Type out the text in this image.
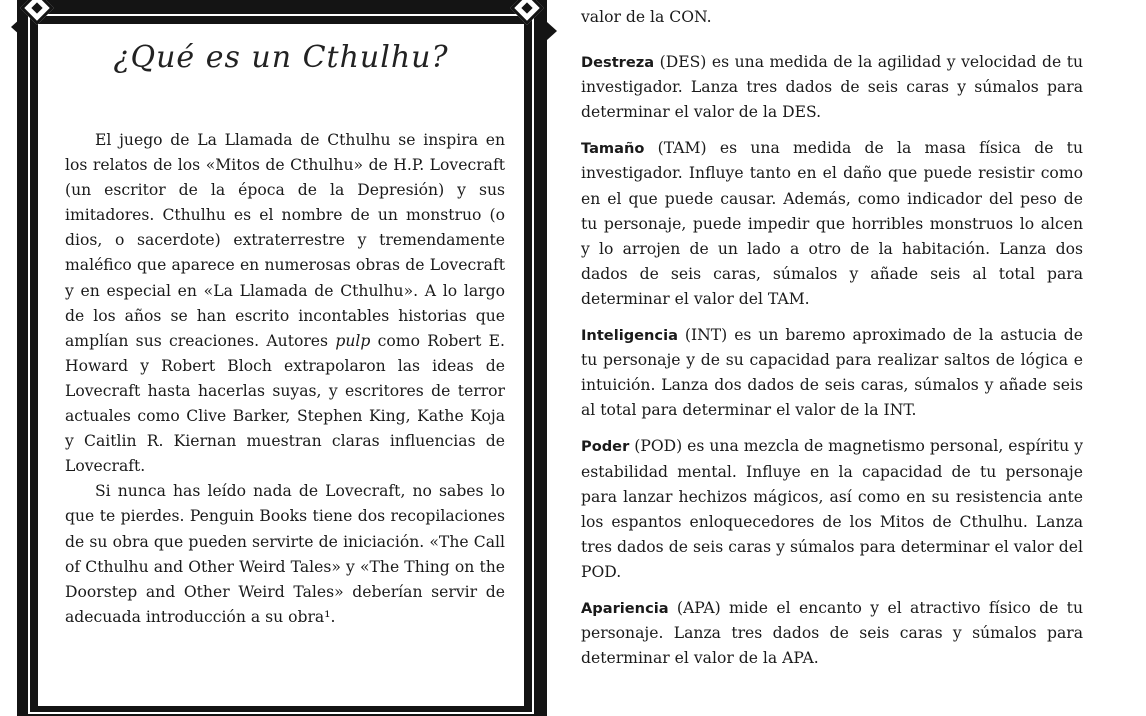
¿Qué es un Cthulhu?

El juego de La Llamada de Cthulhu se inspira en los relatos de los «Mitos de Cthulhu» de H.P. Lovecraft (un escritor de la época de la Depresión) y sus imitadores. Cthulhu es el nombre de un monstruo (o dios, o sacerdote) extraterrestre y tremendamente maléfico que aparece en numerosas obras de Lovecraft y en especial en «La Llamada de Cthulhu». A lo largo de los años se han escrito incontables historias que amplían sus creaciones. Autores pulp como Robert E. Howard y Robert Bloch extrapolaron las ideas de Lovecraft hasta hacerlas suyas, y escritores de terror actuales como Clive Barker, Stephen King, Kathe Koja y Caitlin R. Kiernan muestran claras influencias de Lovecraft.

Si nunca has leído nada de Lovecraft, no sabes lo que te pierdes. Penguin Books tiene dos recopilaciones de su obra que pueden servirte de iniciación. «The Call of Cthulhu and Other Weird Tales» y «The Thing on the Doorstep and Other Weird Tales» deberían servir de adecuada introducción a su obra¹.

valor de la CON.

Destreza (DES) es una medida de la agilidad y velocidad de tu investigador. Lanza tres dados de seis caras y súmalos para determinar el valor de la DES.

Tamaño (TAM) es una medida de la masa física de tu investigador. Influye tanto en el daño que puede resistir como en el que puede causar. Además, como indicador del peso de tu personaje, puede impedir que horribles monstruos lo alcen y lo arrojen de un lado a otro de la habitación. Lanza dos dados de seis caras, súmalos y añade seis al total para determinar el valor del TAM.

Inteligencia (INT) es un baremo aproximado de la astucia de tu personaje y de su capacidad para realizar saltos de lógica e intuición. Lanza dos dados de seis caras, súmalos y añade seis al total para determinar el valor de la INT.

Poder (POD) es una mezcla de magnetismo personal, espíritu y estabilidad mental. Influye en la capacidad de tu personaje para lanzar hechizos mágicos, así como en su resistencia ante los espantos enloquecedores de los Mitos de Cthulhu. Lanza tres dados de seis caras y súmalos para determinar el valor del POD.

Apariencia (APA) mide el encanto y el atractivo físico de tu personaje. Lanza tres dados de seis caras y súmalos para determinar el valor de la APA.
